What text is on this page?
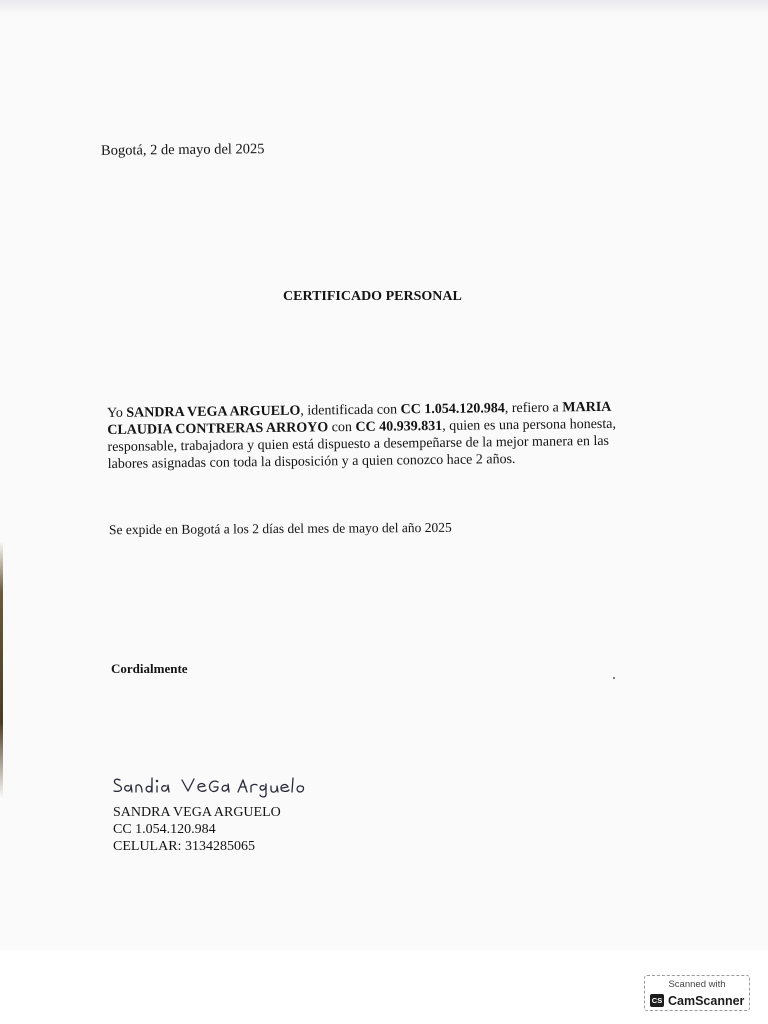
Bogotá, 2 de mayo del 2025
CERTIFICADO PERSONAL
Yo SANDRA VEGA ARGUELO, identificada con CC 1.054.120.984, refiero a MARIA CLAUDIA CONTRERAS ARROYO con CC 40.939.831, quien es una persona honesta, responsable, trabajadora y quien está dispuesto a desempeñarse de la mejor manera en las labores asignadas con toda la disposición y a quien conozco hace 2 años.
Se expide en Bogotá a los 2 días del mes de mayo del año 2025
Cordialmente
SANDRA VEGA ARGUELO
CC 1.054.120.984
CELULAR: 3134285065
Scanned with
CS CamScanner
